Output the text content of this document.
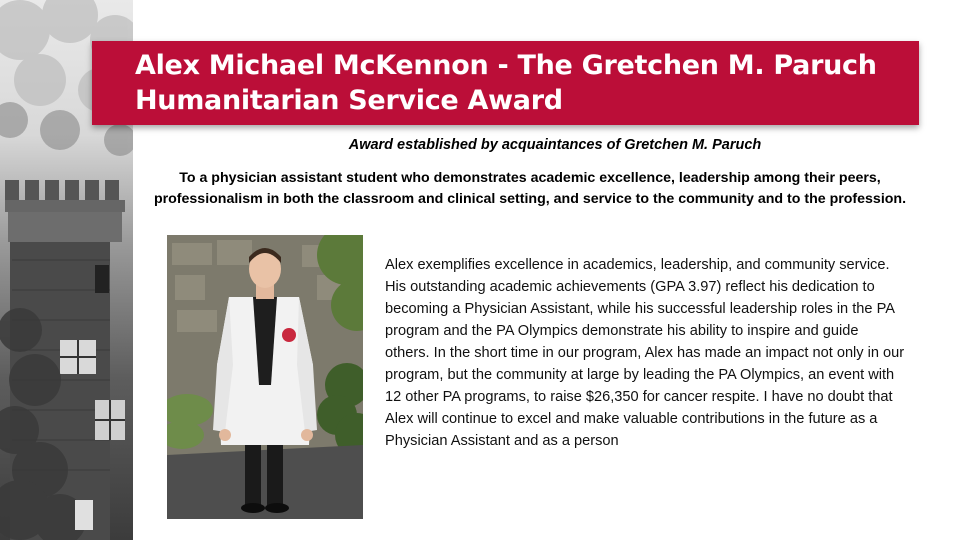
Alex Michael McKennon - The Gretchen M. Paruch Humanitarian Service Award
Award established by acquaintances of Gretchen M. Paruch
To a physician assistant student who demonstrates academic excellence, leadership among their peers, professionalism in both the classroom and clinical setting, and service to the community and to the profession.
Alex exemplifies excellence in academics, leadership, and community service. His outstanding academic achievements (GPA 3.97) reflect his dedication to becoming a Physician Assistant, while his successful leadership roles in the PA program and the PA Olympics demonstrate his ability to inspire and guide others. In the short time in our program, Alex has made an impact not only in our program, but the community at large by leading the PA Olympics, an event with 12 other PA programs, to raise $26,350 for cancer respite. I have no doubt that Alex will continue to excel and make valuable contributions in the future as a Physician Assistant and as a person
